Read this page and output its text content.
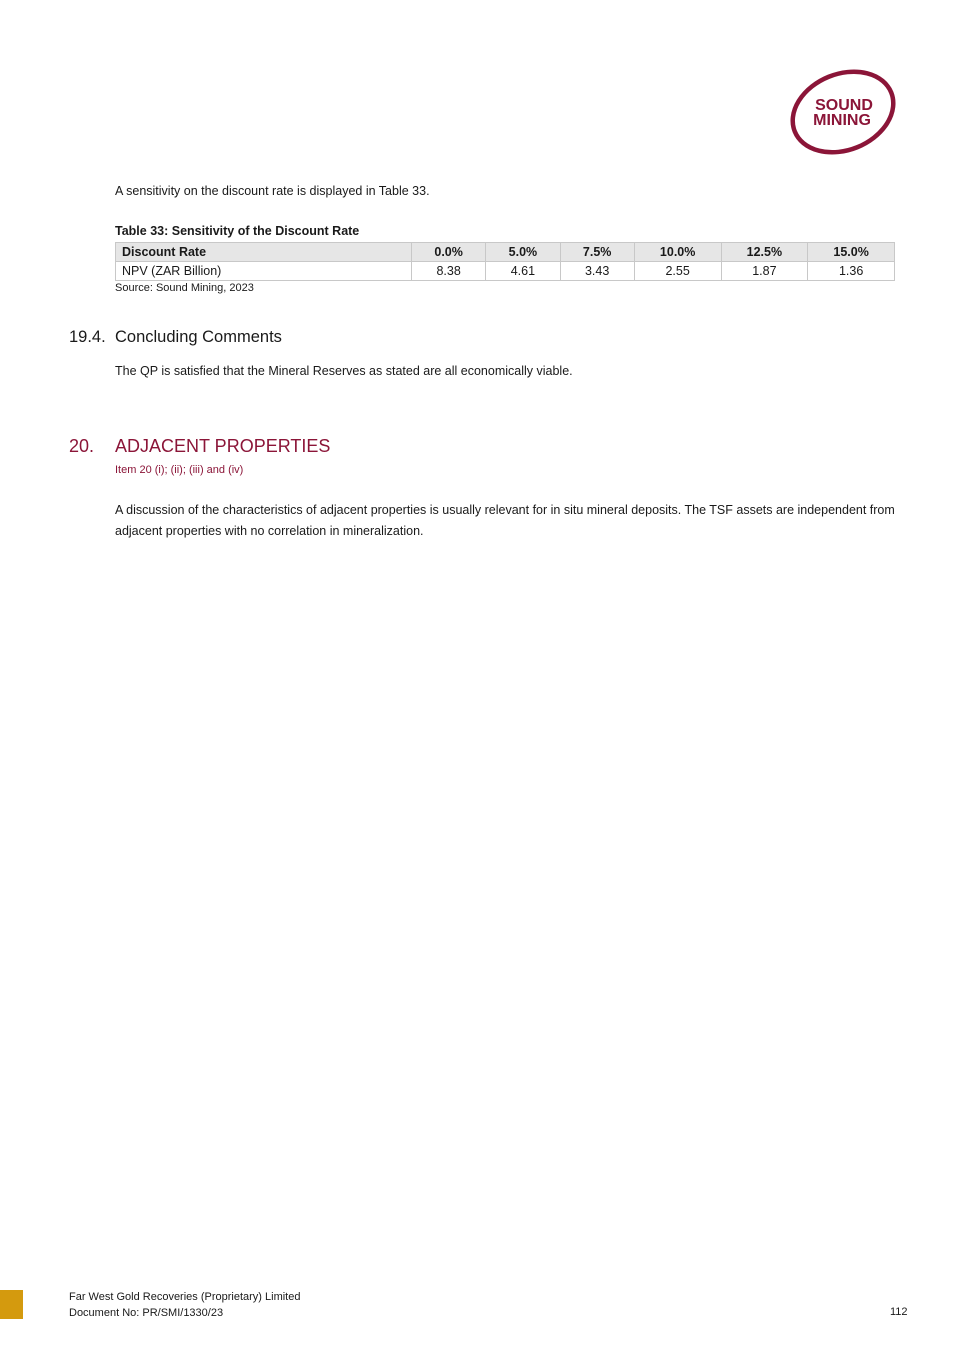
SOUND
MINING

A sensitivity on the discount rate is displayed in Table 33.

Table 33: Sensitivity of the Discount Rate
Discount Rate	0.0%	5.0%	7.5%	10.0%	12.5%	15.0%
NPV (ZAR Billion)	8.38	4.61	3.43	2.55	1.87	1.36
Source: Sound Mining, 2023
19.4. Concluding Comments

The QP is satisfied that the Mineral Reserves as stated are all economically viable.

20. ADJACENT PROPERTIES
Item 20 (i); (ii); (iii) and (iv)

A discussion of the characteristics of adjacent properties is usually relevant for in situ mineral deposits. The TSF assets are independent from adjacent properties with no correlation in mineralization.

Far West Gold Recoveries (Proprietary) Limited
Document No: PR/SMI/1330/23	112
